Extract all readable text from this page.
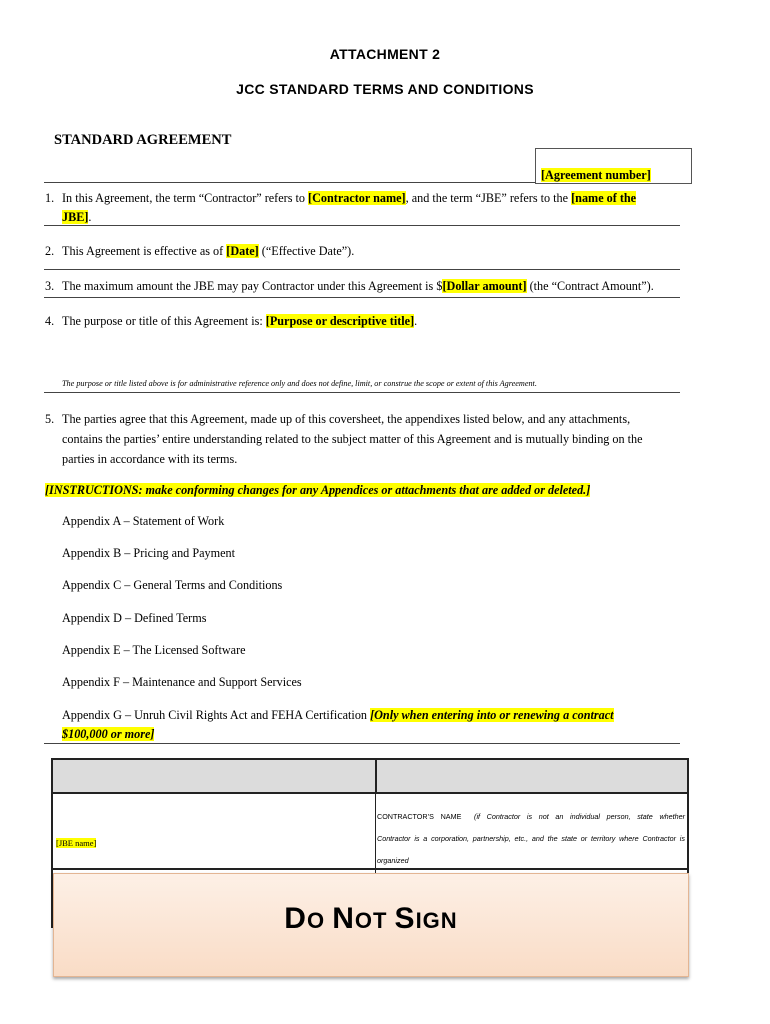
ATTACHMENT 2
JCC STANDARD TERMS AND CONDITIONS
STANDARD AGREEMENT
[Agreement number]
1. In this Agreement, the term “Contractor” refers to [Contractor name], and the term “JBE” refers to the [name of the
JBE].
2. This Agreement is effective as of [Date] (“Effective Date”).
3. The maximum amount the JBE may pay Contractor under this Agreement is $[Dollar amount] (the “Contract Amount”).
4. The purpose or title of this Agreement is: [Purpose or descriptive title].
The purpose or title listed above is for administrative reference only and does not define, limit, or construe the scope or extent of this Agreement.
5. The parties agree that this Agreement, made up of this coversheet, the appendixes listed below, and any attachments,
contains the parties’ entire understanding related to the subject matter of this Agreement and is mutually binding on the
parties in accordance with its terms.
[INSTRUCTIONS: make conforming changes for any Appendices or attachments that are added or deleted.]
Appendix A – Statement of Work
Appendix B – Pricing and Payment
Appendix C – General Terms and Conditions
Appendix D – Defined Terms
Appendix E – The Licensed Software
Appendix F – Maintenance and Support Services
Appendix G – Unruh Civil Rights Act and FEHA Certification [Only when entering into or renewing a contract
$100,000 or more]
[JBE name]
CONTRACTOR’S NAME (if Contractor is not an individual person, state whether Contractor is a corporation, partnership, etc., and the state or territory where Contractor is organized
DO NOT SIGN
